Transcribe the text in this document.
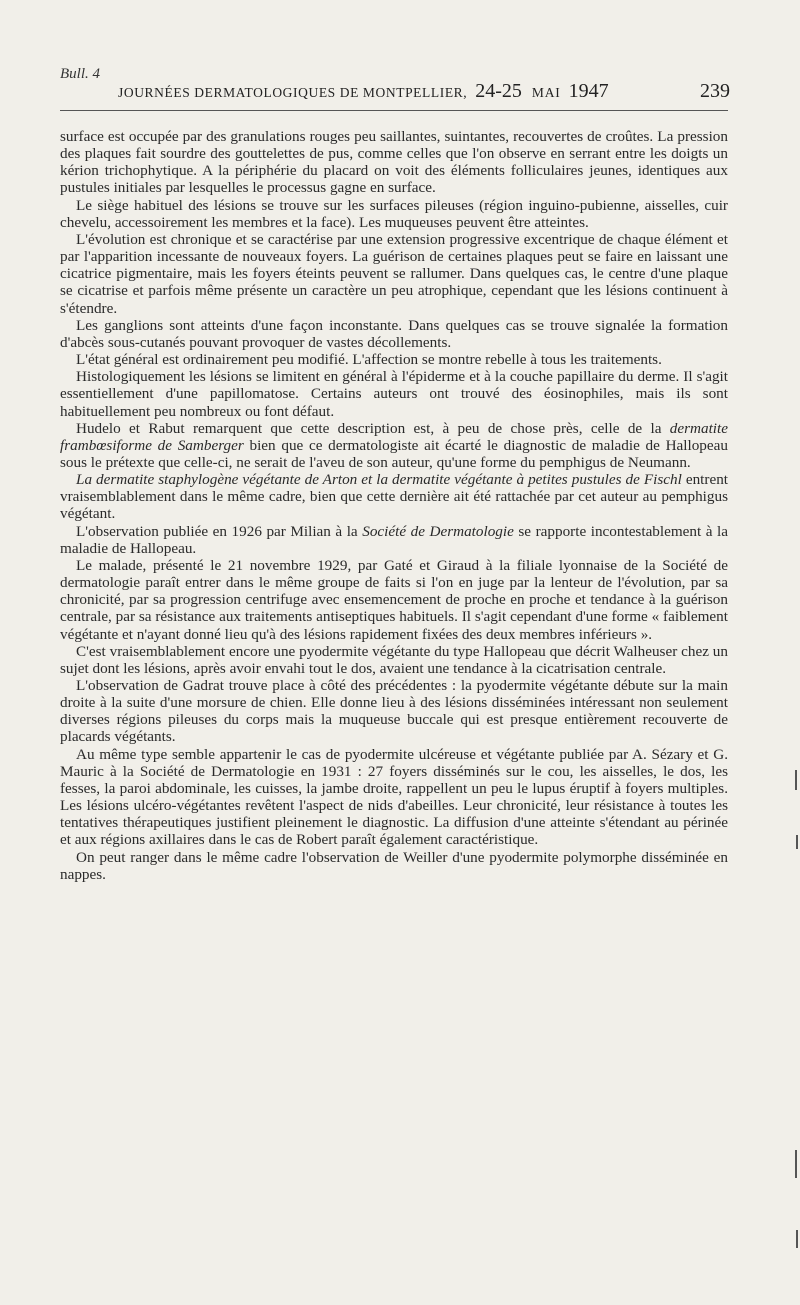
Bull. 4
JOURNÉES DERMATOLOGIQUES DE MONTPELLIER, 24-25 MAI 1947	239

surface est occupée par des granulations rouges peu saillantes, suintantes, recouvertes de croûtes. La pression des plaques fait sourdre des gouttelettes de pus, comme celles que l'on observe en serrant entre les doigts un kérion trichophytique. A la périphérie du placard on voit des éléments folliculaires jeunes, identiques aux pustules initiales par lesquelles le processus gagne en surface.

Le siège habituel des lésions se trouve sur les surfaces pileuses (région inguino-pubienne, aisselles, cuir chevelu, accessoirement les membres et la face). Les muqueuses peuvent être atteintes.

L'évolution est chronique et se caractérise par une extension progressive excentrique de chaque élément et par l'apparition incessante de nouveaux foyers. La guérison de certaines plaques peut se faire en laissant une cicatrice pigmentaire, mais les foyers éteints peuvent se rallumer. Dans quelques cas, le centre d'une plaque se cicatrise et parfois même présente un caractère un peu atrophique, cependant que les lésions continuent à s'étendre.

Les ganglions sont atteints d'une façon inconstante. Dans quelques cas se trouve signalée la formation d'abcès sous-cutanés pouvant provoquer de vastes décollements.

L'état général est ordinairement peu modifié. L'affection se montre rebelle à tous les traitements.

Histologiquement les lésions se limitent en général à l'épiderme et à la couche papillaire du derme. Il s'agit essentiellement d'une papillomatose. Certains auteurs ont trouvé des éosinophiles, mais ils sont habituellement peu nombreux ou font défaut.

Hudelo et Rabut remarquent que cette description est, à peu de chose près, celle de la dermatite frambœsiforme de Samberger bien que ce dermatologiste ait écarté le diagnostic de maladie de Hallopeau sous le prétexte que celle-ci, ne serait de l'aveu de son auteur, qu'une forme du pemphigus de Neumann.

La dermatite staphylogène végétante de Arton et la dermatite végétante à petites pustules de Fischl entrent vraisemblablement dans le même cadre, bien que cette dernière ait été rattachée par cet auteur au pemphigus végétant.

L'observation publiée en 1926 par Milian à la Société de Dermatologie se rapporte incontestablement à la maladie de Hallopeau.

Le malade, présenté le 21 novembre 1929, par Gaté et Giraud à la filiale lyonnaise de la Société de dermatologie paraît entrer dans le même groupe de faits si l'on en juge par la lenteur de l'évolution, par sa chronicité, par sa progression centrifuge avec ensemencement de proche en proche et tendance à la guérison centrale, par sa résistance aux traitements antiseptiques habituels. Il s'agit cependant d'une forme « faiblement végétante et n'ayant donné lieu qu'à des lésions rapidement fixées des deux membres inférieurs ».

C'est vraisemblablement encore une pyodermite végétante du type Hallopeau que décrit Walheuser chez un sujet dont les lésions, après avoir envahi tout le dos, avaient une tendance à la cicatrisation centrale.

L'observation de Gadrat trouve place à côté des précédentes : la pyodermite végétante débute sur la main droite à la suite d'une morsure de chien. Elle donne lieu à des lésions disséminées intéressant non seulement diverses régions pileuses du corps mais la muqueuse buccale qui est presque entièrement recouverte de placards végétants.

Au même type semble appartenir le cas de pyodermite ulcéreuse et végétante publiée par A. Sézary et G. Mauric à la Société de Dermatologie en 1931 : 27 foyers disséminés sur le cou, les aisselles, le dos, les fesses, la paroi abdominale, les cuisses, la jambe droite, rappellent un peu le lupus éruptif à foyers multiples. Les lésions ulcéro-végétantes revêtent l'aspect de nids d'abeilles. Leur chronicité, leur résistance à toutes les tentatives thérapeutiques justifient pleinement le diagnostic. La diffusion d'une atteinte s'étendant au périnée et aux régions axillaires dans le cas de Robert paraît également caractéristique.

On peut ranger dans le même cadre l'observation de Weiller d'une pyodermite polymorphe disséminée en nappes.
